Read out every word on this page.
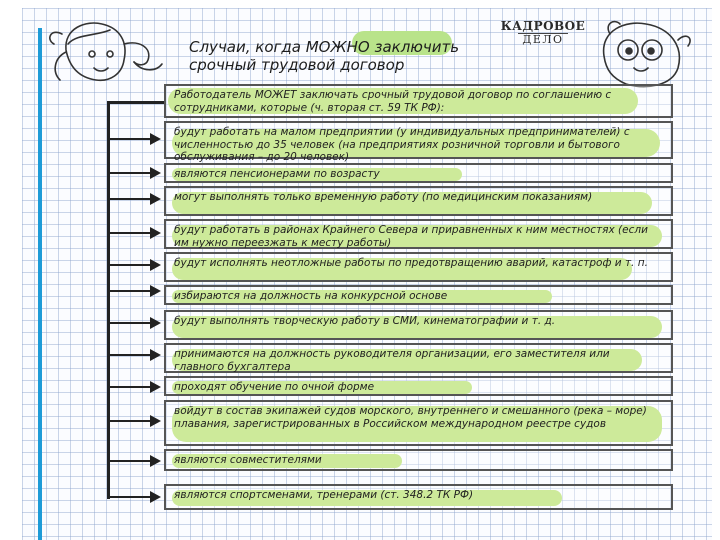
КАДРОВОЕ
ДЕЛО
Случаи, когда МОЖНО заключить
срочный трудовой договор
Работодатель МОЖЕТ заключать срочный трудовой договор по соглашению с сотрудниками, которые (ч. вторая ст. 59 ТК РФ):
будут работать на малом предприятии (у индивидуальных предпринимателей) с численностью до 35 человек (на предприятиях розничной торговли и бытового обслуживания – до 20 человек)
являются пенсионерами по возрасту
могут выполнять только временную работу (по медицинским показаниям)
будут работать в районах Крайнего Севера и приравненных к ним местностях (если им нужно переезжать к месту работы)
будут исполнять неотложные работы по предотвращению аварий, катастроф и т. п.
избираются на должность на конкурсной основе
будут выполнять творческую работу в СМИ, кинематографии и т. д.
принимаются на должность руководителя организации, его заместителя или главного бухгалтера
проходят обучение по очной форме
войдут в состав экипажей судов морского, внутреннего и смешанного (река – море) плавания, зарегистрированных в Российском международном реестре судов
являются совместителями
являются спортсменами, тренерами (ст. 348.2 ТК РФ)
